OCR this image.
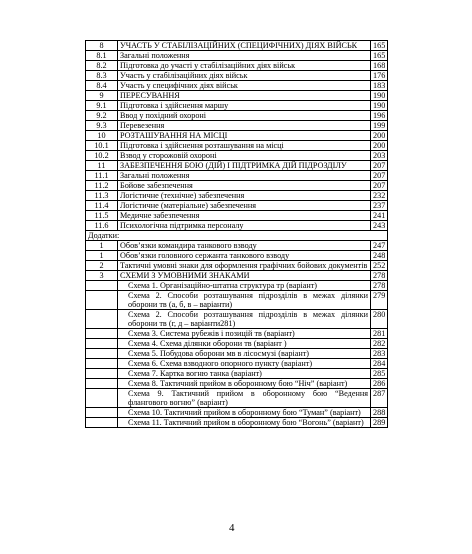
8	УЧАСТЬ У СТАБІЛІЗАЦІЙНИХ (СПЕЦИФІЧНИХ) ДІЯХ ВІЙСЬК	165
8.1	Загальні положення	165
8.2	Підготовка до участі у стабілізаційних діях військ	168
8.3	Участь у стабілізаційних діях військ	176
8.4	Участь у специфічних діях військ	183
9	ПЕРЕСУВАННЯ	190
9.1	Підготовка і здійснення маршу	190
9.2	Ввод у похідний охороні	196
9.3	Перевезення	199
10	РОЗТАШУВАННЯ НА МІСЦІ	200
10.1	Підготовка і здійснення розташування на місці	200
10.2	Взвод у сторожовій охороні	203
11	ЗАБЕЗПЕЧЕННЯ БОЮ (ДІЙ) І ПІДТРИМКА ДІЙ ПІДРОЗДІЛУ	207
11.1	Загальні положення	207
11.2	Бойове забезпечення	207
11.3	Логістичне (технічне) забезпечення	232
11.4	Логістичне (матеріальне) забезпечення	237
11.5	Медичне забезпечення	241
11.6	Психологічна підтримка персоналу	243
Додатки:		
1	Обов’язки командира танкового взводу	247
1	Обов’язки головного сержанта танкового взводу	248
2	Тактичні умовні знаки для оформлення графічних бойових документів	252
3	СХЕМИ З УМОВНИМИ ЗНАКАМИ	278
	Схема 1. Організаційно-штатна структура тр (варіант)	278
	Схема 2. Способи розташування підрозділів в межах ділянки оборони тв (а, б, в – варіанти)	279
	Схема 2. Способи розташування підрозділів в межах ділянки оборони тв (г, д – варіанти281)	280
	Схема 3. Система рубежів і позицій тв (варіант)	281
	Схема 4. Схема ділянки оборони тв (варіант )	282
	Схема 5. Побудова оборони мв в лісосмузі (варіант)	283
	Схема 6. Схема взводного опорного пункту (варіант)	284
	Схема 7. Картка вогню танка (варіант)	285
	Схема 8. Тактичний прийом в оборонному бою “Ніч” (варіант)	286
	Схема 9. Тактичний прийом в оборонному бою “Ведення флангового вогню” (варіант)	287
	Схема 10. Тактичний прийом в оборонному бою “Туман” (варіант)	288
	Схема 11. Тактичний прийом в оборонному бою “Вогонь” (варіант)	289
4
